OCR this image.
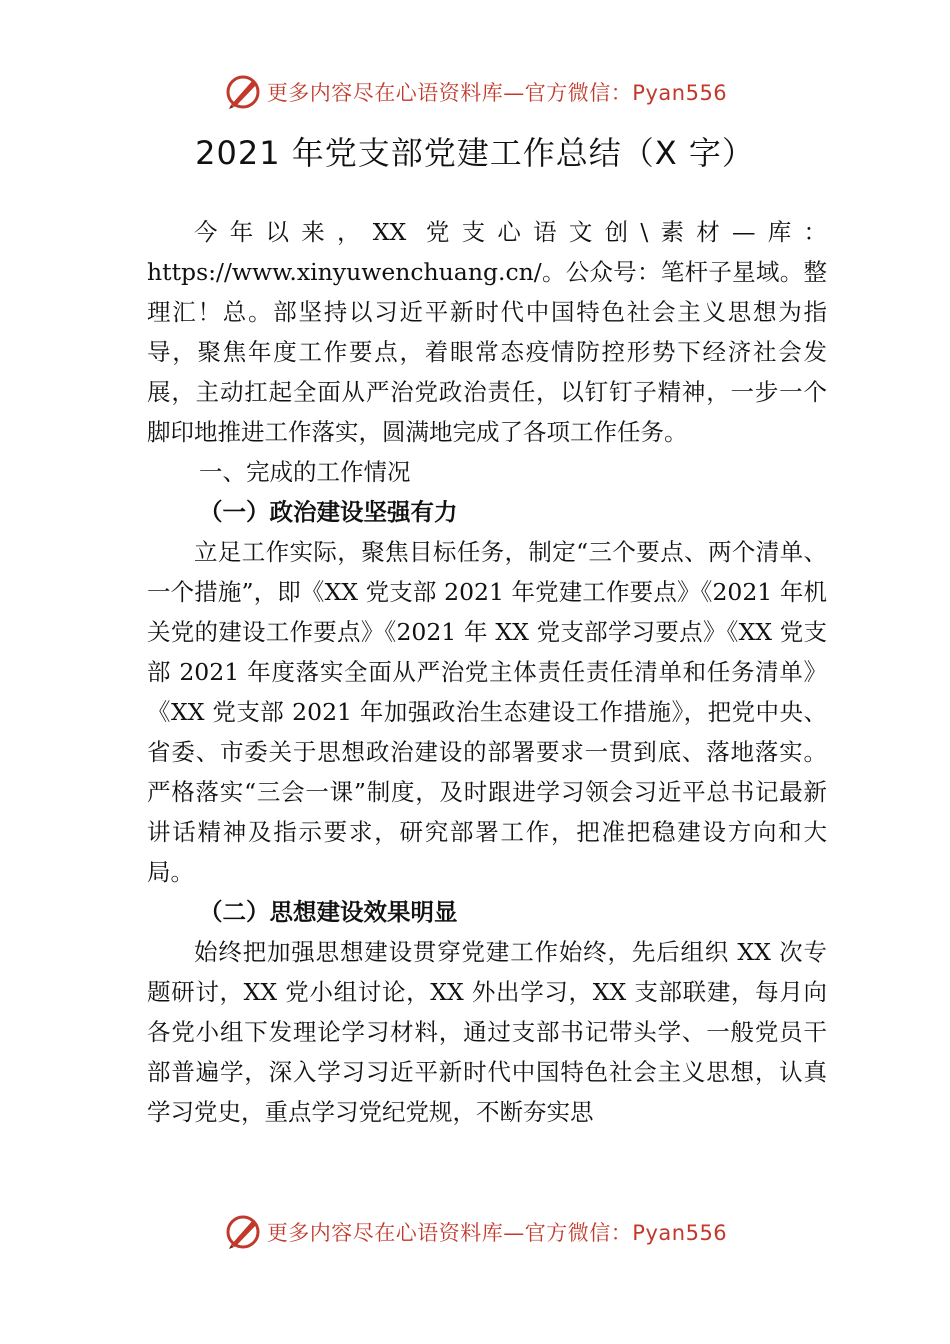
更多内容尽在心语资料库—官方微信：Pyan556
2021 年党支部党建工作总结（X 字）

今年以来，XX 党支心语文创\素材—库：https://www.xinyuwenchuang.cn/。公众号：笔杆子星域。整理汇！总。部坚持以习近平新时代中国特色社会主义思想为指导，聚焦年度工作要点，着眼常态疫情防控形势下经济社会发展，主动扛起全面从严治党政治责任，以钉钉子精神，一步一个脚印地推进工作落实，圆满地完成了各项工作任务。

一、完成的工作情况

（一）政治建设坚强有力

立足工作实际，聚焦目标任务，制定“三个要点、两个清单、一个措施”，即《XX 党支部 2021 年党建工作要点》《2021 年机关党的建设工作要点》《2021 年 XX 党支部学习要点》《XX 党支部 2021 年度落实全面从严治党主体责任责任清单和任务清单》《XX 党支部 2021 年加强政治生态建设工作措施》，把党中央、省委、市委关于思想政治建设的部署要求一贯到底、落地落实。严格落实“三会一课”制度，及时跟进学习领会习近平总书记最新讲话精神及指示要求，研究部署工作，把准把稳建设方向和大局。

（二）思想建设效果明显

始终把加强思想建设贯穿党建工作始终，先后组织 XX 次专题研讨，XX 党小组讨论，XX 外出学习，XX 支部联建，每月向各党小组下发理论学习材料，通过支部书记带头学、一般党员干部普遍学，深入学习习近平新时代中国特色社会主义思想，认真学习党史，重点学习党纪党规，不断夯实思

更多内容尽在心语资料库—官方微信：Pyan556
